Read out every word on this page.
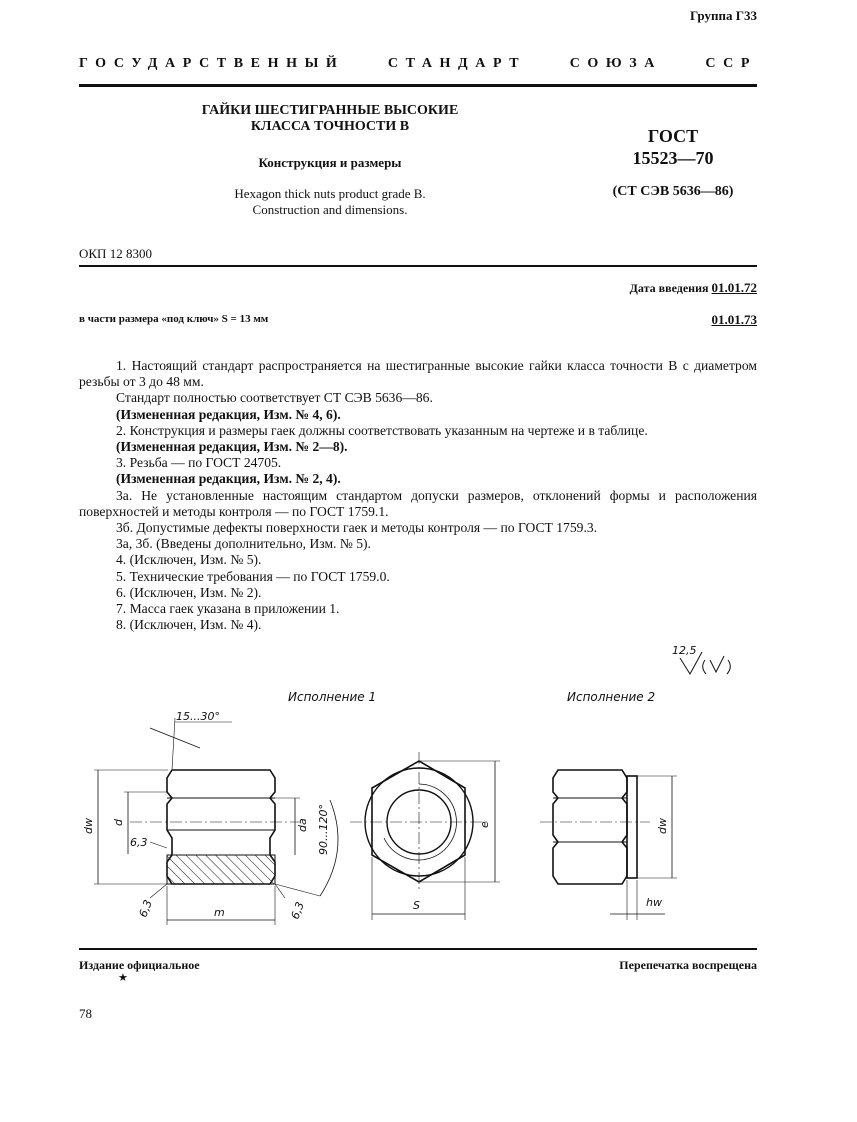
Группа Г33
ГОСУДАРСТВЕННЫЙ	СТАНДАРТ	СОЮЗА	ССР
ГАЙКИ ШЕСТИГРАННЫЕ ВЫСОКИЕ
КЛАССА ТОЧНОСТИ В
Конструкция и размеры
Hexagon thick nuts product grade B.
Construction and dimensions.
ГОСТ
15523—70
(СТ СЭВ 5636—86)
ОКП 12 8300
Дата введения 01.01.72
в части размера «под ключ» S = 13 мм	01.01.73

1. Настоящий стандарт распространяется на шестигранные высокие гайки класса точности В с диаметром резьбы от 3 до 48 мм.

Стандарт полностью соответствует СТ СЭВ 5636—86.

(Измененная редакция, Изм. № 4, 6).

2. Конструкция и размеры гаек должны соответствовать указанным на чертеже и в таблице.

(Измененная редакция, Изм. № 2—8).

3. Резьба — по ГОСТ 24705.

(Измененная редакция, Изм. № 2, 4).

3а. Не установленные настоящим стандартом допуски размеров, отклонений формы и расположения поверхностей и методы контроля — по ГОСТ 1759.1.

3б. Допустимые дефекты поверхности гаек и методы контроля — по ГОСТ 1759.3.

3а, 3б. (Введены дополнительно, Изм. № 5).

4. (Исключен, Изм. № 5).

5. Технические требования — по ГОСТ 1759.0.

6. (Исключен, Изм. № 2).

7. Масса гаек указана в приложении 1.

8. (Исключен, Изм. № 4).

Исполнение 1	Исполнение 2
12,5
dw d	da 90...120°
15...30°
m
6,3
6,3	6,3
e
S
dw
hw
Издание официальное
★
Перепечатка воспрещена
78
